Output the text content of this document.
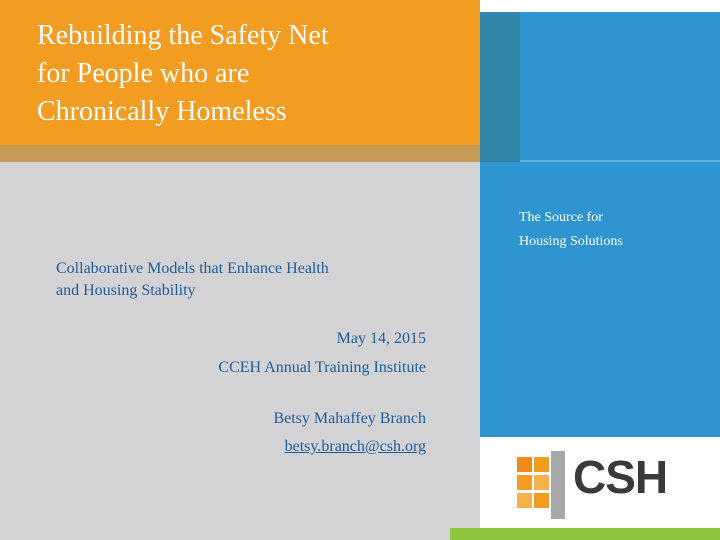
Rebuilding the Safety Net
for People who are
Chronically Homeless
The Source for
Housing Solutions
Collaborative Models that Enhance Health
and Housing Stability
May 14, 2015
CCEH Annual Training Institute
Betsy Mahaffey Branch
betsy.branch@csh.org
CSH
